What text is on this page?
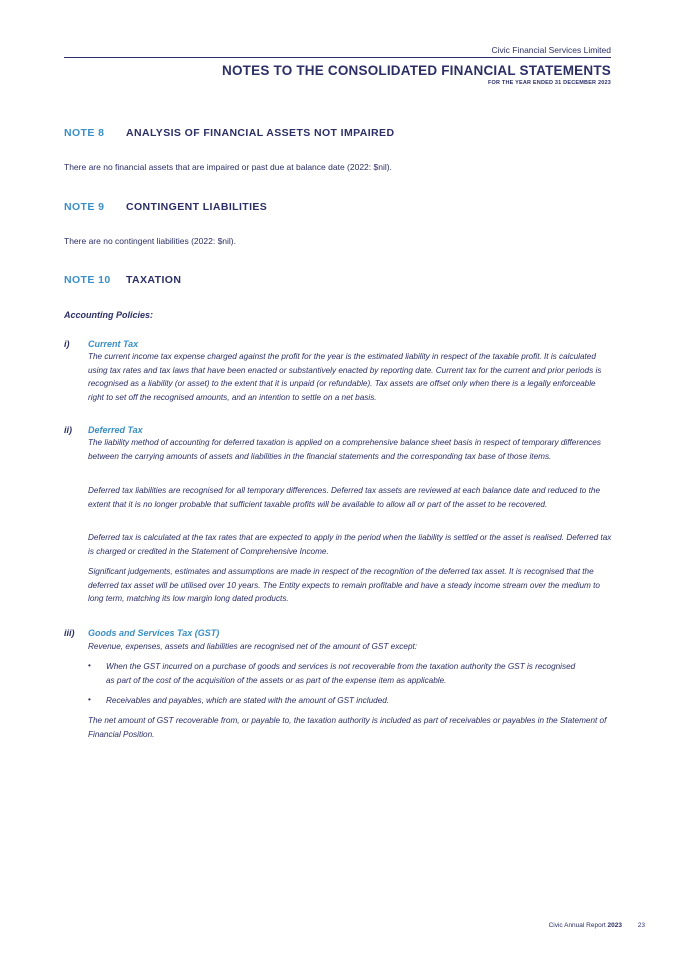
Civic Financial Services Limited
NOTES TO THE CONSOLIDATED FINANCIAL STATEMENTS
FOR THE YEAR ENDED 31 DECEMBER 2023
NOTE 8 ANALYSIS OF FINANCIAL ASSETS NOT IMPAIRED
There are no financial assets that are impaired or past due at balance date (2022: $nil).
NOTE 9 CONTINGENT LIABILITIES
There are no contingent liabilities (2022: $nil).
NOTE 10 TAXATION
Accounting Policies:
i) Current Tax
The current income tax expense charged against the profit for the year is the estimated liability in respect of the taxable profit. It is calculated using tax rates and tax laws that have been enacted or substantively enacted by reporting date. Current tax for the current and prior periods is recognised as a liability (or asset) to the extent that it is unpaid (or refundable). Tax assets are offset only when there is a legally enforceable right to set off the recognised amounts, and an intention to settle on a net basis.
ii) Deferred Tax
The liability method of accounting for deferred taxation is applied on a comprehensive balance sheet basis in respect of temporary differences between the carrying amounts of assets and liabilities in the financial statements and the corresponding tax base of those items.
Deferred tax liabilities are recognised for all temporary differences. Deferred tax assets are reviewed at each balance date and reduced to the extent that it is no longer probable that sufficient taxable profits will be available to allow all or part of the asset to be recovered.
Deferred tax is calculated at the tax rates that are expected to apply in the period when the liability is settled or the asset is realised. Deferred tax is charged or credited in the Statement of Comprehensive Income.
Significant judgements, estimates and assumptions are made in respect of the recognition of the deferred tax asset. It is recognised that the deferred tax asset will be utilised over 10 years. The Entity expects to remain profitable and have a steady income stream over the medium to long term, matching its low margin long dated products.
iii) Goods and Services Tax (GST)
Revenue, expenses, assets and liabilities are recognised net of the amount of GST except:
• When the GST incurred on a purchase of goods and services is not recoverable from the taxation authority the GST is recognised as part of the cost of the acquisition of the assets or as part of the expense item as applicable.
• Receivables and payables, which are stated with the amount of GST included.
The net amount of GST recoverable from, or payable to, the taxation authority is included as part of receivables or payables in the Statement of Financial Position.
Civic Annual Report 2023 23
